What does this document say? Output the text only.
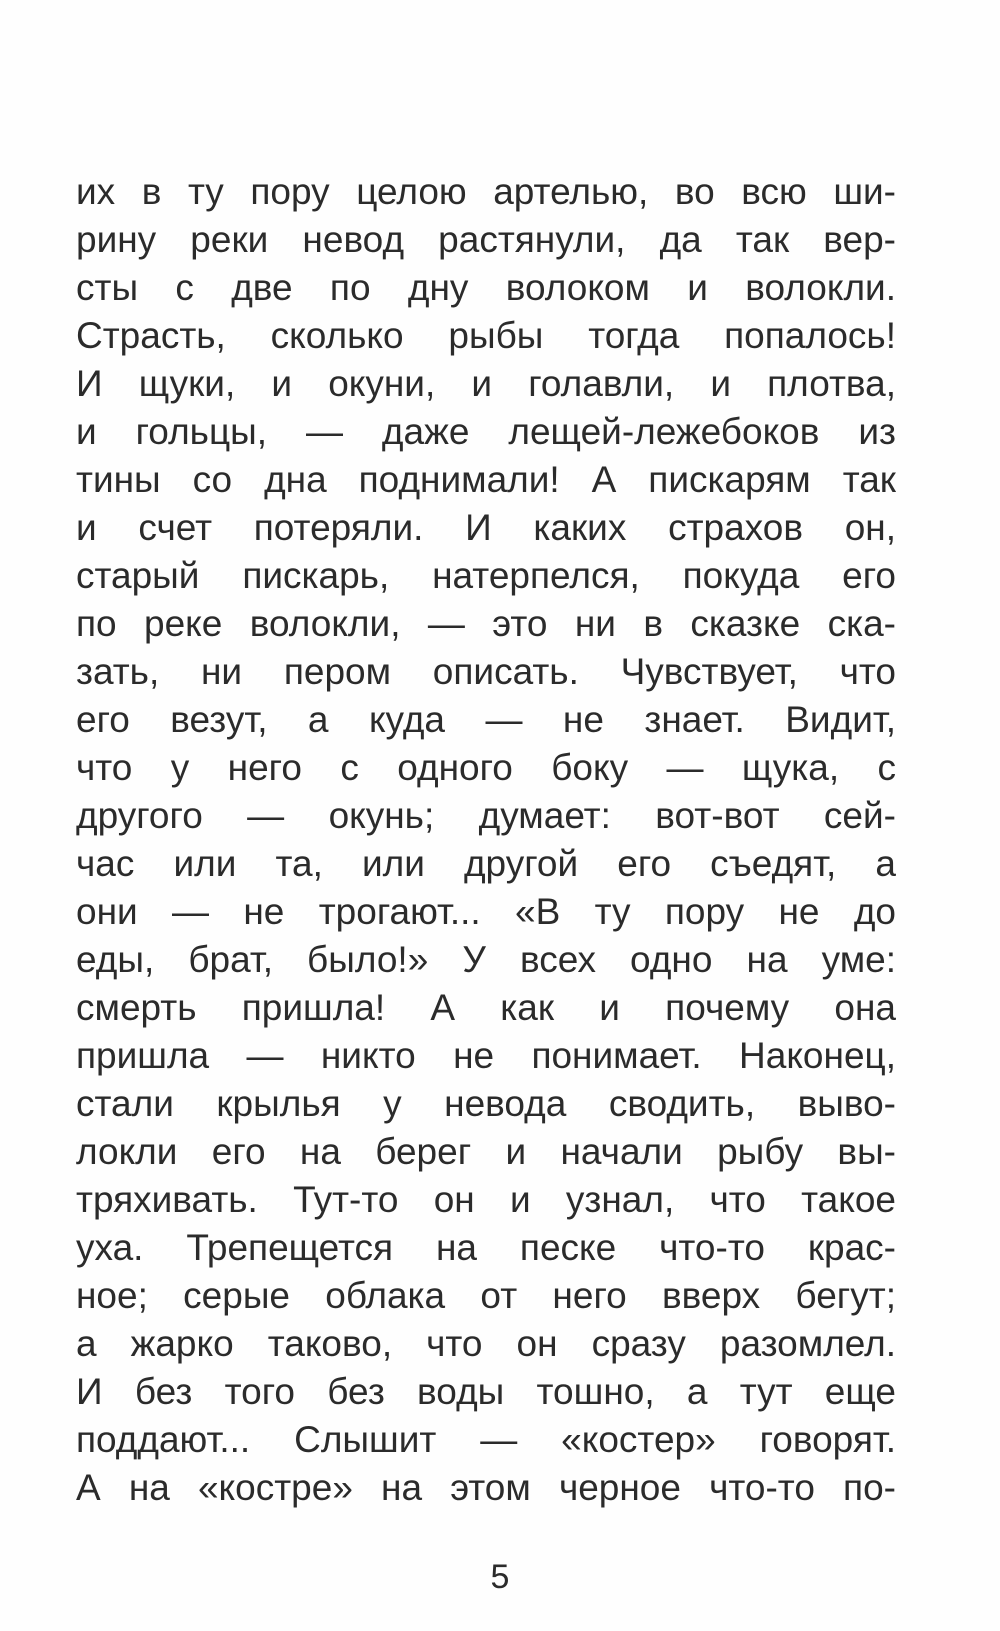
их в ту пору целою артелью, во всю ши-
рину реки невод растянули, да так вер-
сты с две по дну волоком и волокли.
Страсть, сколько рыбы тогда попалось!
И щуки, и окуни, и голавли, и плотва,
и гольцы, — даже лещей-лежебоков из
тины со дна поднимали! А пискарям так
и счет потеряли. И каких страхов он,
старый пискарь, натерпелся, покуда его
по реке волокли, — это ни в сказке ска-
зать, ни пером описать. Чувствует, что
его везут, а куда — не знает. Видит,
что у него с одного боку — щука, с
другого — окунь; думает: вот-вот сей-
час или та, или другой его съедят, а
они — не трогают... «В ту пору не до
еды, брат, было!» У всех одно на уме:
смерть пришла! А как и почему она
пришла — никто не понимает. Наконец,
стали крылья у невода сводить, выво-
локли его на берег и начали рыбу вы-
тряхивать. Тут-то он и узнал, что такое
уха. Трепещется на песке что-то крас-
ное; серые облака от него вверх бегут;
а жарко таково, что он сразу разомлел.
И без того без воды тошно, а тут еще
поддают... Слышит — «костер» говорят.
А на «костре» на этом черное что-то по-
5
